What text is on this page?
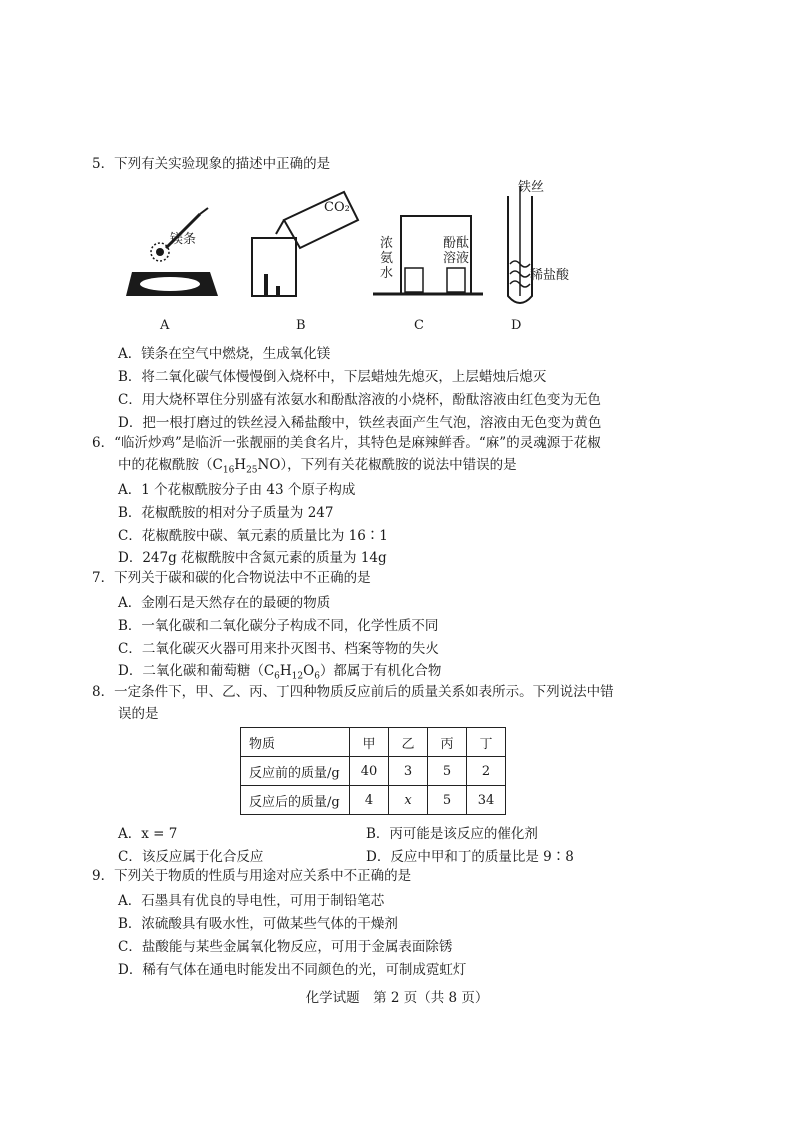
5．下列有关实验现象的描述中正确的是
镁条
A
CO₂
B
浓
氨
水
酚酞
溶液
C
铁丝
稀盐酸
D
A．镁条在空气中燃烧，生成氧化镁
B．将二氧化碳气体慢慢倒入烧杯中，下层蜡烛先熄灭，上层蜡烛后熄灭
C．用大烧杯罩住分别盛有浓氨水和酚酞溶液的小烧杯，酚酞溶液由红色变为无色
D．把一根打磨过的铁丝浸入稀盐酸中，铁丝表面产生气泡，溶液由无色变为黄色
6．“临沂炒鸡”是临沂一张靓丽的美食名片，其特色是麻辣鲜香。“麻”的灵魂源于花椒
中的花椒酰胺$(C_{16}H_{25}NO)$，下列有关花椒酰胺的说法中错误的是
A．1 个花椒酰胺分子由 43 个原子构成
B．花椒酰胺的相对分子质量为 247
C．花椒酰胺中碳、氧元素的质量比为 16∶1
D．247g 花椒酰胺中含氮元素的质量为 14g
7．下列关于碳和碳的化合物说法中不正确的是
A．金刚石是天然存在的最硬的物质
B．一氧化碳和二氧化碳分子构成不同，化学性质不同
C．二氧化碳灭火器可用来扑灭图书、档案等物的失火
D．二氧化碳和葡萄糖$(C_6H_{12}O_6)$都属于有机化合物
8．一定条件下，甲、乙、丙、丁四种物质反应前后的质量关系如表所示。下列说法中错
误的是
物质	甲	乙	丙	丁
反应前的质量/g	40	3	5	2
反应后的质量/g	4	x	5	34
A．x = 7	B．丙可能是该反应的催化剂
C．该反应属于化合反应	D．反应中甲和丁的质量比是 9∶8
9．下列关于物质的性质与用途对应关系中不正确的是
A．石墨具有优良的导电性，可用于制铅笔芯
B．浓硫酸具有吸水性，可做某些气体的干燥剂
C．盐酸能与某些金属氧化物反应，可用于金属表面除锈
D．稀有气体在通电时能发出不同颜色的光，可制成霓虹灯
化学试题　第 2 页（共 8 页）
